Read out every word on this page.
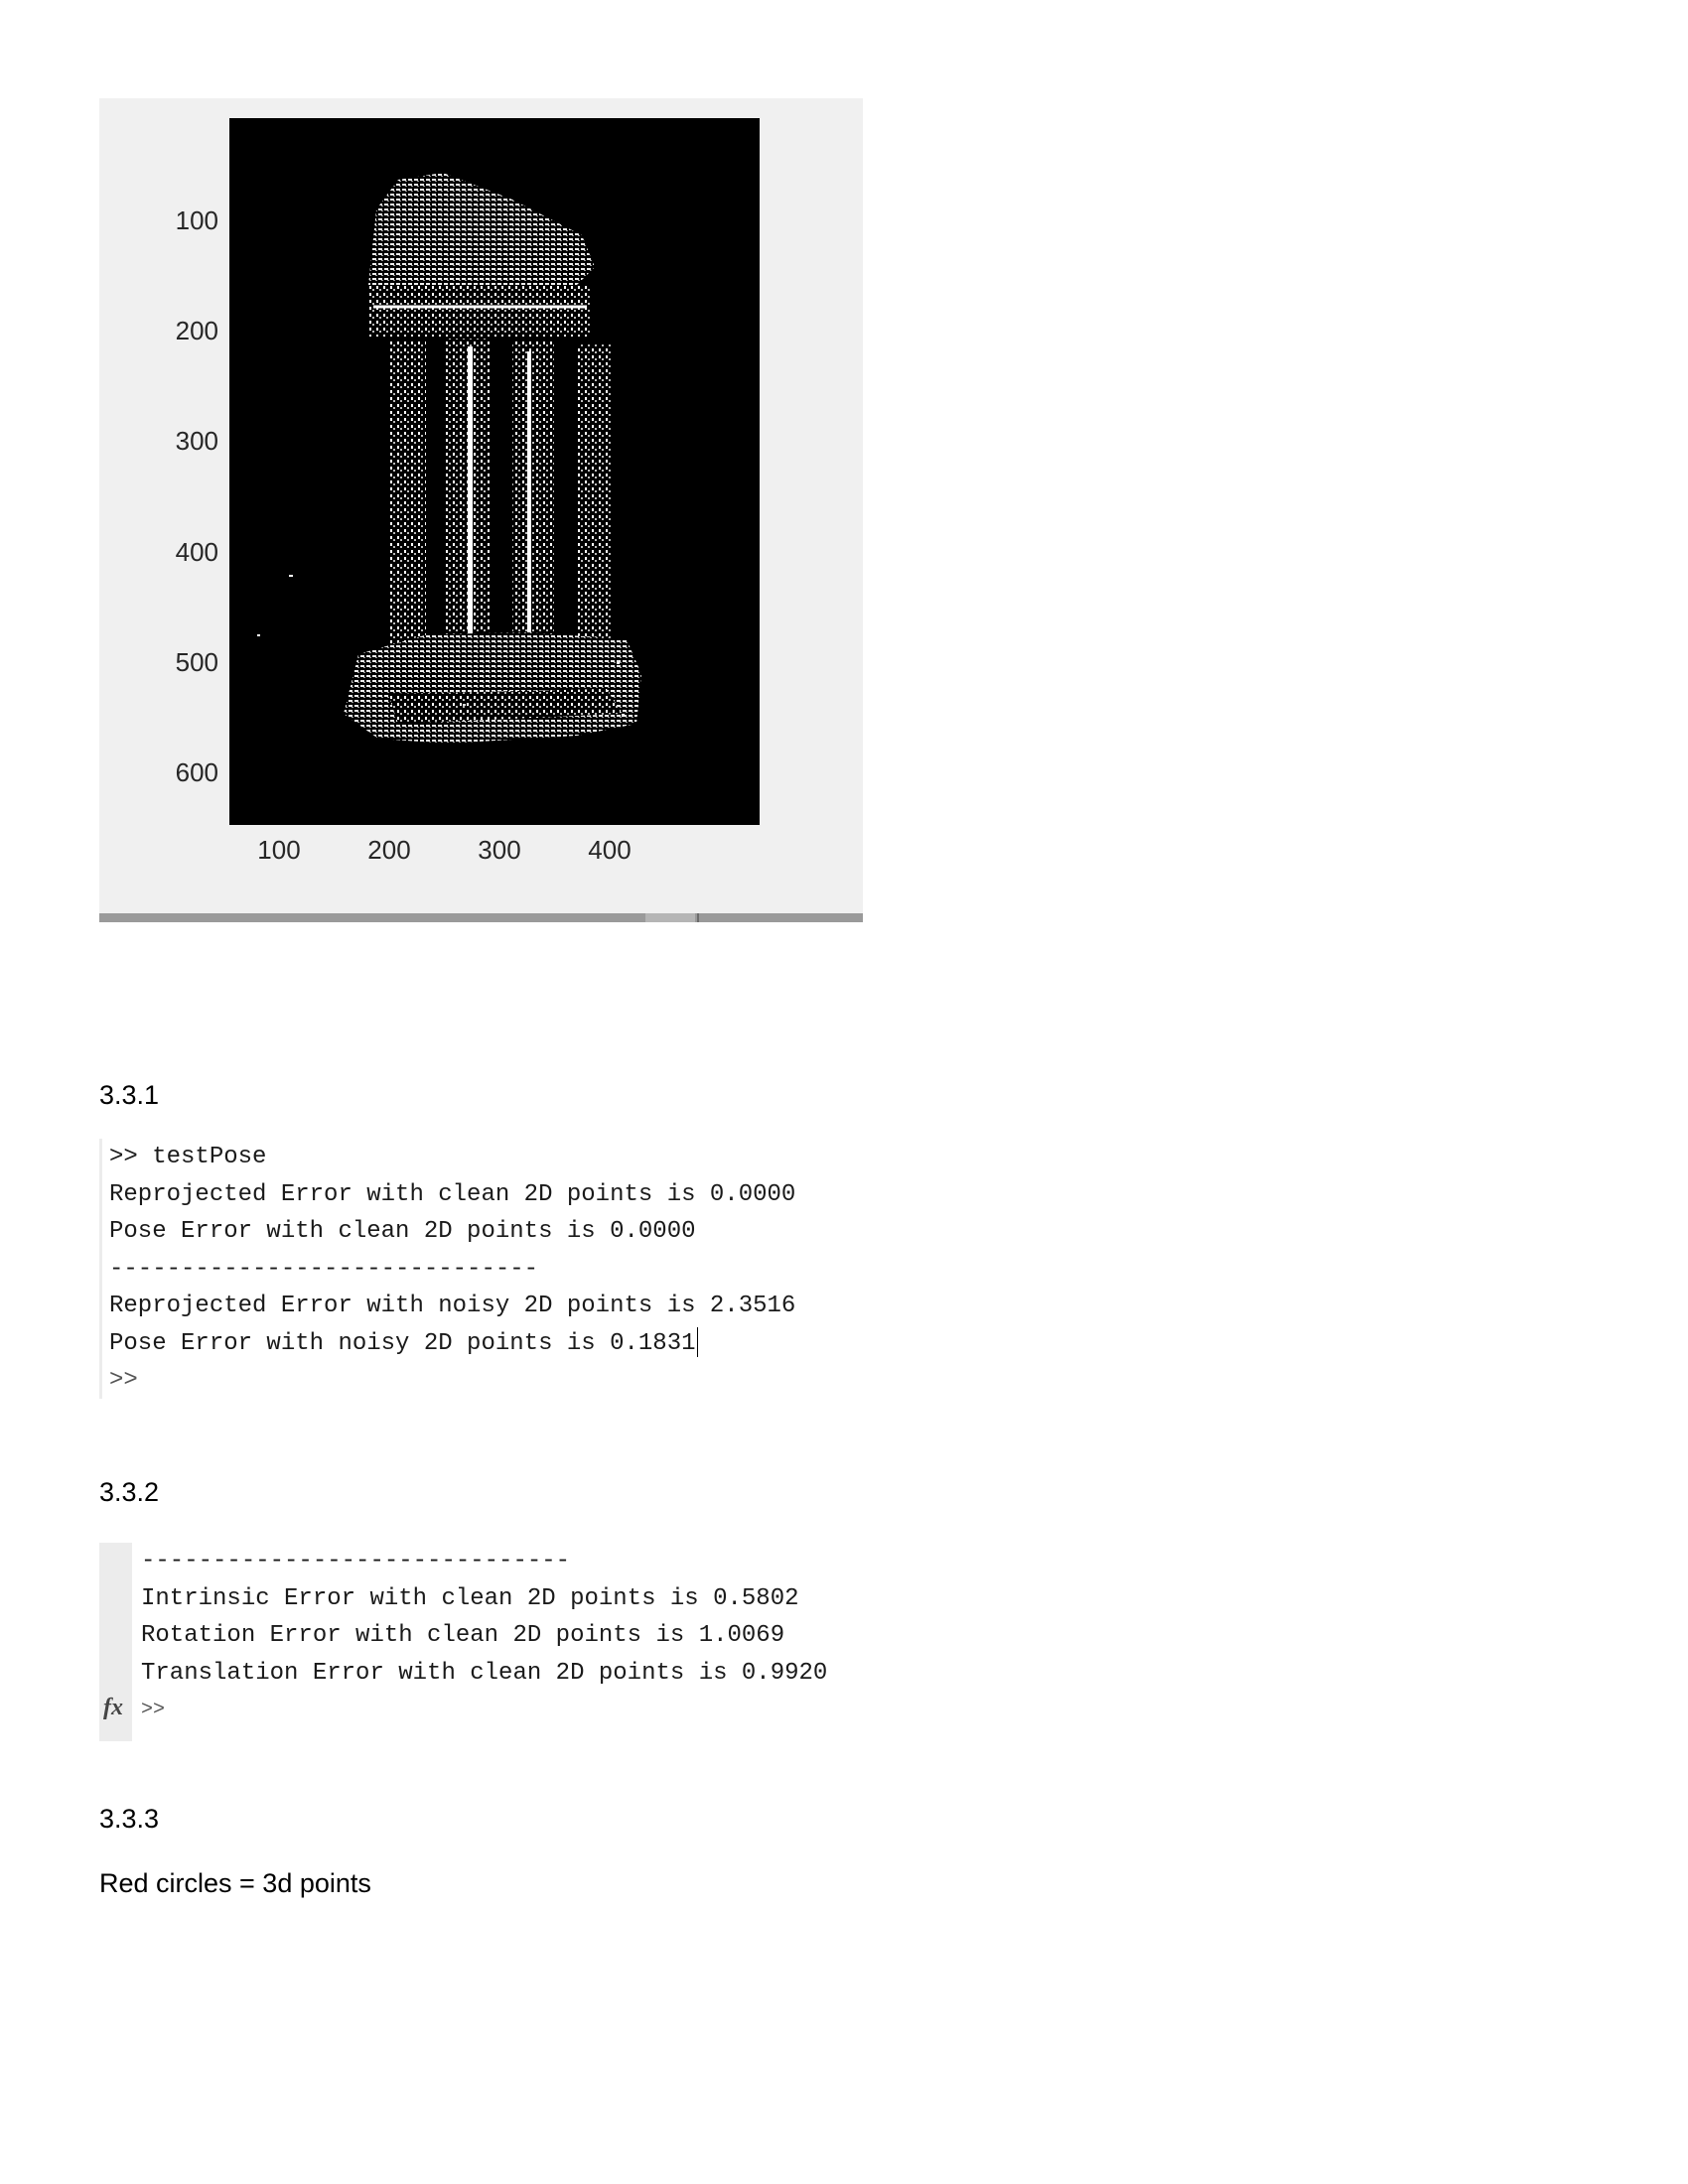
100
200
300
400
500
600
100	200	300	400
3.3.1
>> testPose
Reprojected Error with clean 2D points is 0.0000
Pose Error with clean 2D points is 0.0000
------------------------------
Reprojected Error with noisy 2D points is 2.3516
Pose Error with noisy 2D points is 0.1831
>>
3.3.2
fx
------------------------------
Intrinsic Error with clean 2D points is 0.5802
Rotation Error with clean 2D points is 1.0069
Translation Error with clean 2D points is 0.9920
>>
3.3.3
Red circles = 3d points
